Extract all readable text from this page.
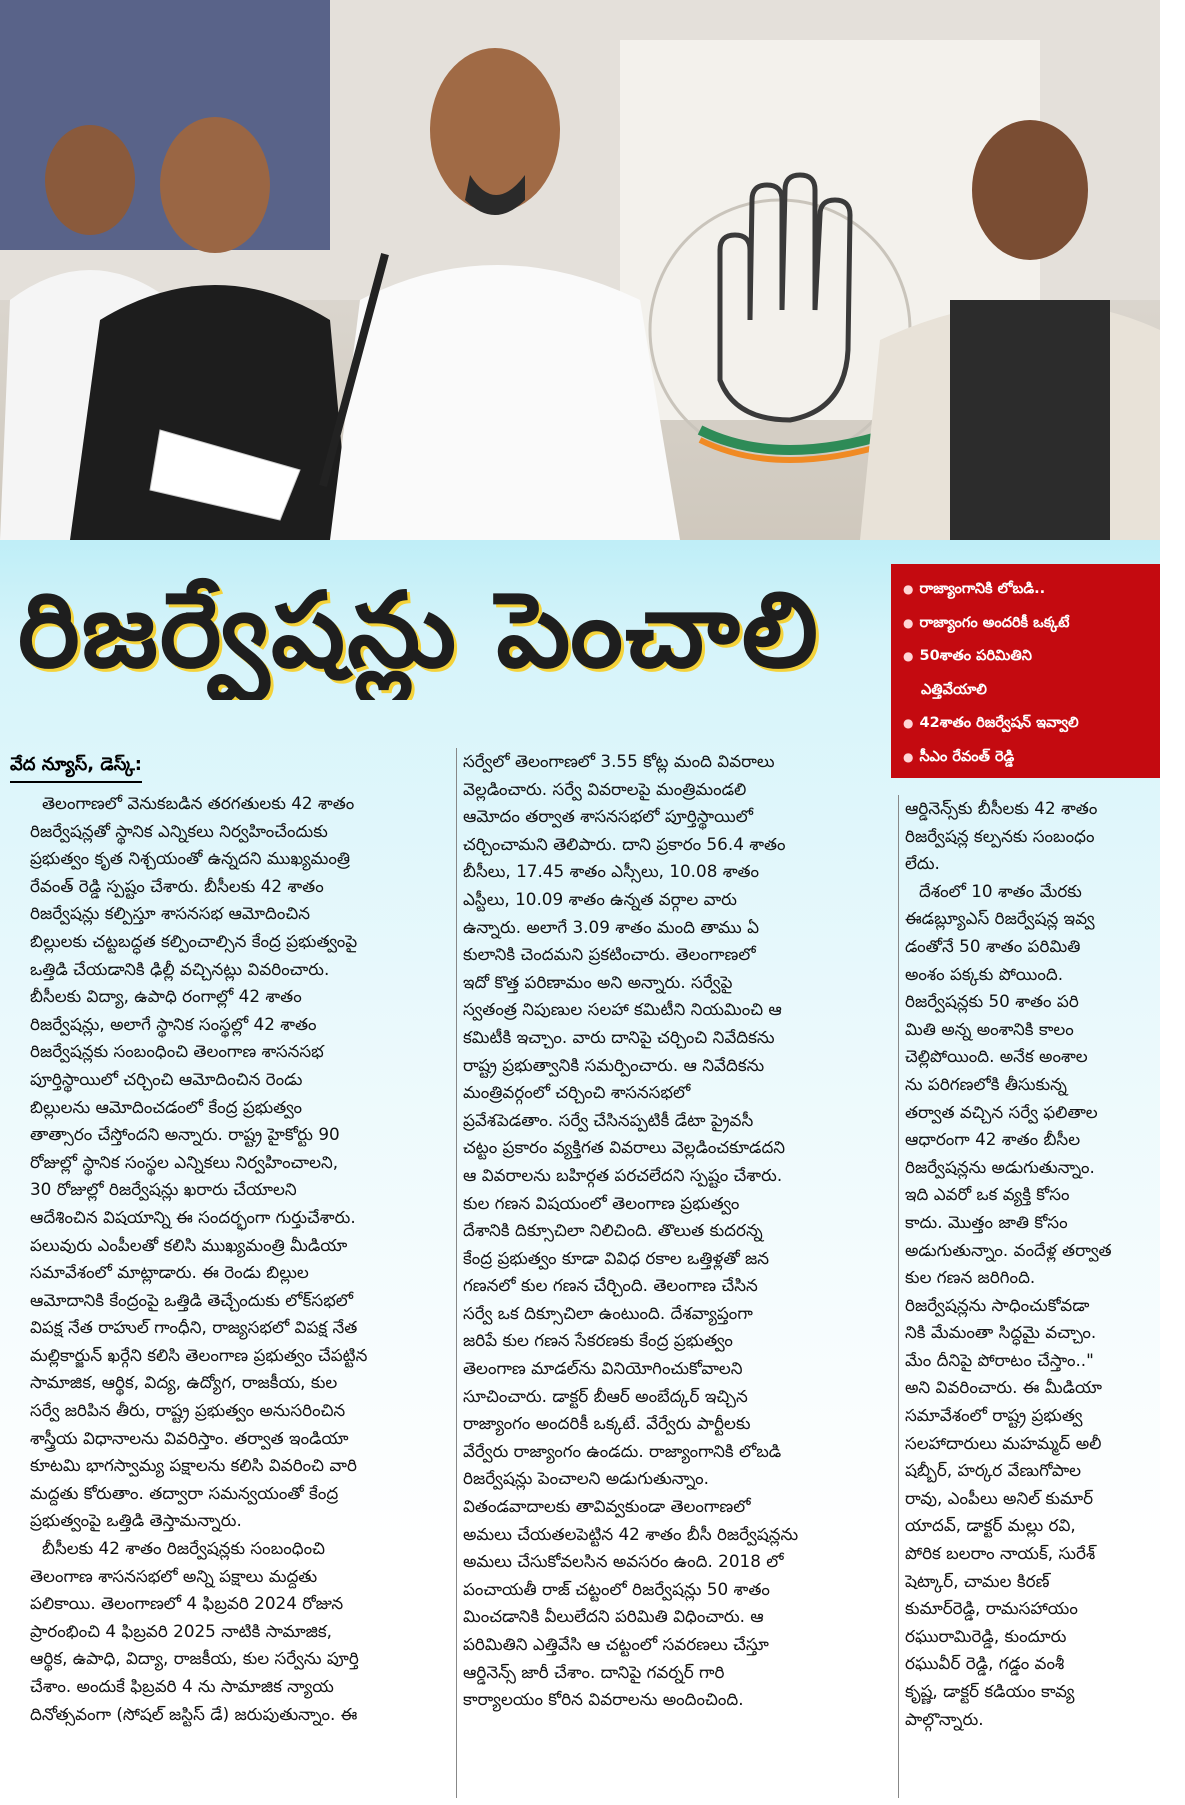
రిజర్వేషన్లు పెంచాలి	● రాజ్యాంగానికి లోబడి..
● రాజ్యాంగం అందరికీ ఒక్కటే
● 50శాతం పరిమితిని
ఎత్తివేయాలి
● 42శాతం రిజర్వేషన్ ఇవ్వాలి
● సీఎం రేవంత్ రెడ్డి
వేద న్యూస్, డెస్క్:
తెలంగాణలో వెనుకబడిన తరగతులకు 42 శాతం
రిజర్వేషన్లతో స్థానిక ఎన్నికలు నిర్వహించేందుకు
ప్రభుత్వం కృత నిశ్చయంతో ఉన్నదని ముఖ్యమంత్రి
రేవంత్ రెడ్డి స్పష్టం చేశారు. బీసీలకు 42 శాతం
రిజర్వేషన్లు కల్పిస్తూ శాసనసభ ఆమోదించిన
బిల్లులకు చట్టబద్ధత కల్పించాల్సిన కేంద్ర ప్రభుత్వంపై
ఒత్తిడి చేయడానికి ఢిల్లీ వచ్చినట్లు వివరించారు.
బీసీలకు విద్యా, ఉపాధి రంగాల్లో 42 శాతం
రిజర్వేషన్లు, అలాగే స్థానిక సంస్థల్లో 42 శాతం
రిజర్వేషన్లకు సంబంధించి తెలంగాణ శాసనసభ
పూర్తిస్థాయిలో చర్చించి ఆమోదించిన రెండు
బిల్లులను ఆమోదించడంలో కేంద్ర ప్రభుత్వం
తాత్సారం చేస్తోందని అన్నారు. రాష్ట్ర హైకోర్టు 90
రోజుల్లో స్థానిక సంస్థల ఎన్నికలు నిర్వహించాలని,
30 రోజుల్లో రిజర్వేషన్లు ఖరారు చేయాలని
ఆదేశించిన విషయాన్ని ఈ సందర్భంగా గుర్తుచేశారు.
పలువురు ఎంపీలతో కలిసి ముఖ్యమంత్రి మీడియా
సమావేశంలో మాట్లాడారు. ఈ రెండు బిల్లుల
ఆమోదానికి కేంద్రంపై ఒత్తిడి తెచ్చేందుకు లోక్‌సభలో
విపక్ష నేత రాహుల్ గాంధీని, రాజ్యసభలో విపక్ష నేత
మల్లికార్జున్ ఖర్గేని కలిసి తెలంగాణ ప్రభుత్వం చేపట్టిన
సామాజిక, ఆర్థిక, విద్య, ఉద్యోగ, రాజకీయ, కుల
సర్వే జరిపిన తీరు, రాష్ట్ర ప్రభుత్వం అనుసరించిన
శాస్త్రీయ విధానాలను వివరిస్తాం. తర్వాత ఇండియా
కూటమి భాగస్వామ్య పక్షాలను కలిసి వివరించి వారి
మద్దతు కోరుతాం. తద్వారా సమన్వయంతో కేంద్ర
ప్రభుత్వంపై ఒత్తిడి తెస్తామన్నారు.
బీసీలకు 42 శాతం రిజర్వేషన్లకు సంబంధించి
తెలంగాణ శాసనసభలో అన్ని పక్షాలు మద్దతు
పలికాయి. తెలంగాణలో 4 ఫిబ్రవరి 2024 రోజున
ప్రారంభించి 4 ఫిబ్రవరి 2025 నాటికి సామాజిక,
ఆర్థిక, ఉపాధి, విద్యా, రాజకీయ, కుల సర్వేను పూర్తి
చేశాం. అందుకే ఫిబ్రవరి 4 ను సామాజిక న్యాయ
దినోత్సవంగా (సోషల్ జస్టిస్ డే) జరుపుతున్నాం. ఈ
సర్వేలో తెలంగాణలో 3.55 కోట్ల మంది వివరాలు
వెల్లడించారు. సర్వే వివరాలపై మంత్రిమండలి
ఆమోదం తర్వాత శాసనసభలో పూర్తిస్థాయిలో
చర్చించామని తెలిపారు. దాని ప్రకారం 56.4 శాతం
బీసీలు, 17.45 శాతం ఎస్సీలు, 10.08 శాతం
ఎస్టీలు, 10.09 శాతం ఉన్నత వర్గాల వారు
ఉన్నారు. అలాగే 3.09 శాతం మంది తాము ఏ
కులానికి చెందమని ప్రకటించారు. తెలంగాణలో
ఇదో కొత్త పరిణామం అని అన్నారు. సర్వేపై
స్వతంత్ర నిపుణుల సలహా కమిటీని నియమించి ఆ
కమిటీకి ఇచ్చాం. వారు దానిపై చర్చించి నివేదికను
రాష్ట్ర ప్రభుత్వానికి సమర్పించారు. ఆ నివేదికను
మంత్రివర్గంలో చర్చించి శాసనసభలో
ప్రవేశపెడతాం. సర్వే చేసినప్పటికీ డేటా ప్రైవసీ
చట్టం ప్రకారం వ్యక్తిగత వివరాలు వెల్లడించకూడదని
ఆ వివరాలను బహిర్గత పరచలేదని స్పష్టం చేశారు.
కుల గణన విషయంలో తెలంగాణ ప్రభుత్వం
దేశానికి దిక్సూచిలా నిలిచింది. తొలుత కుదరన్న
కేంద్ర ప్రభుత్వం కూడా వివిధ రకాల ఒత్తిళ్లతో జన
గణనలో కుల గణన చేర్చింది. తెలంగాణ చేసిన
సర్వే ఒక దిక్సూచిలా ఉంటుంది. దేశవ్యాప్తంగా
జరిపే కుల గణన సేకరణకు కేంద్ర ప్రభుత్వం
తెలంగాణ మాడల్‌ను వినియోగించుకోవాలని
సూచించారు. డాక్టర్ బీఆర్ అంబేద్కర్ ఇచ్చిన
రాజ్యాంగం అందరికీ ఒక్కటే. వేర్వేరు పార్టీలకు
వేర్వేరు రాజ్యాంగం ఉండదు. రాజ్యాంగానికి లోబడి
రిజర్వేషన్లు పెంచాలని అడుగుతున్నాం.
వితండవాదాలకు తావివ్వకుండా తెలంగాణలో
అమలు చేయతలపెట్టిన 42 శాతం బీసీ రిజర్వేషన్లను
అమలు చేసుకోవలసిన అవసరం ఉంది. 2018 లో
పంచాయతీ రాజ్ చట్టంలో రిజర్వేషన్లు 50 శాతం
మించడానికి వీలులేదని పరిమితి విధించారు. ఆ
పరిమితిని ఎత్తివేసి ఆ చట్టంలో సవరణలు చేస్తూ
ఆర్డినెన్స్ జారీ చేశాం. దానిపై గవర్నర్ గారి
కార్యాలయం కోరిన వివరాలను అందించింది.
ఆర్డినెన్స్‌కు బీసీలకు 42 శాతం
రిజర్వేషన్ల కల్పనకు సంబంధం
లేదు.
దేశంలో 10 శాతం మేరకు
ఈడబ్ల్యూఎస్ రిజర్వేషన్ల ఇవ్వ
డంతోనే 50 శాతం పరిమితి
అంశం పక్కకు పోయింది.
రిజర్వేషన్లకు 50 శాతం పరి
మితి అన్న అంశానికి కాలం
చెల్లిపోయింది. అనేక అంశాల
ను పరిగణలోకి తీసుకున్న
తర్వాత వచ్చిన సర్వే ఫలితాల
ఆధారంగా 42 శాతం బీసీల
రిజర్వేషన్లను అడుగుతున్నాం.
ఇది ఎవరో ఒక వ్యక్తి కోసం
కాదు. మొత్తం జాతి కోసం
అడుగుతున్నాం. వందేళ్ల తర్వాత
కుల గణన జరిగింది.
రిజర్వేషన్లను సాధించుకోవడా
నికి మేమంతా సిద్ధమై వచ్చాం.
మేం దీనిపై పోరాటం చేస్తాం.."
అని వివరించారు. ఈ మీడియా
సమావేశంలో రాష్ట్ర ప్రభుత్వ
సలహాదారులు మహమ్మద్ అలీ
షబ్బీర్, హర్కర వేణుగోపాల
రావు, ఎంపీలు అనిల్ కుమార్
యాదవ్, డాక్టర్ మల్లు రవి,
పోరిక బలరాం నాయక్, సురేశ్
షెట్కార్, చామల కిరణ్
కుమార్‌రెడ్డి, రామసహాయం
రఘురామిరెడ్డి, కుందూరు
రఘువీర్ రెడ్డి, గడ్డం వంశీ
కృష్ణ, డాక్టర్ కడియం కావ్య
పాల్గొన్నారు.
